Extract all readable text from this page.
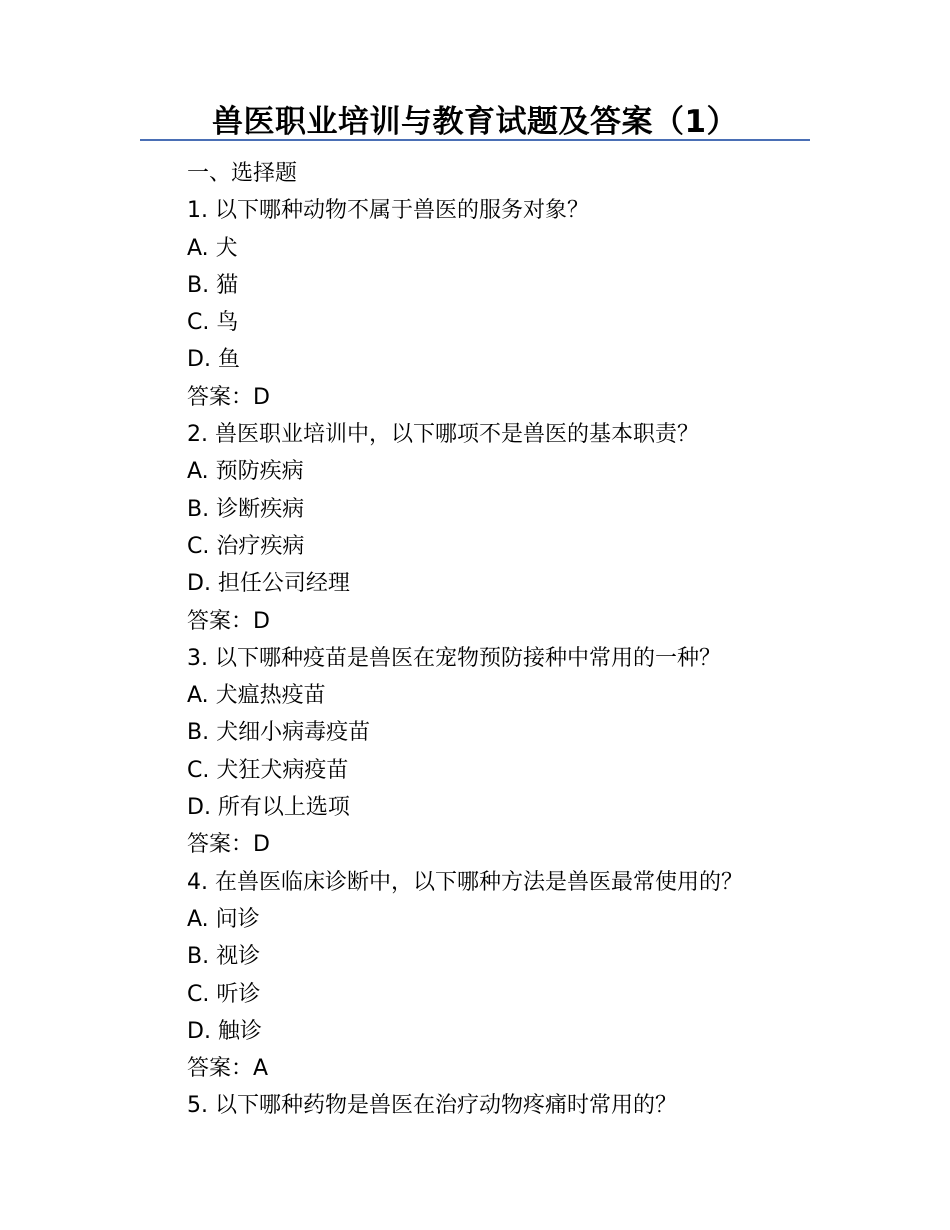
兽医职业培训与教育试题及答案（1）
一、选择题
1. 以下哪种动物不属于兽医的服务对象？
A. 犬
B. 猫
C. 鸟
D. 鱼
答案：D
2. 兽医职业培训中，以下哪项不是兽医的基本职责？
A. 预防疾病
B. 诊断疾病
C. 治疗疾病
D. 担任公司经理
答案：D
3. 以下哪种疫苗是兽医在宠物预防接种中常用的一种？
A. 犬瘟热疫苗
B. 犬细小病毒疫苗
C. 犬狂犬病疫苗
D. 所有以上选项
答案：D
4. 在兽医临床诊断中，以下哪种方法是兽医最常使用的？
A. 问诊
B. 视诊
C. 听诊
D. 触诊
答案：A
5. 以下哪种药物是兽医在治疗动物疼痛时常用的？
